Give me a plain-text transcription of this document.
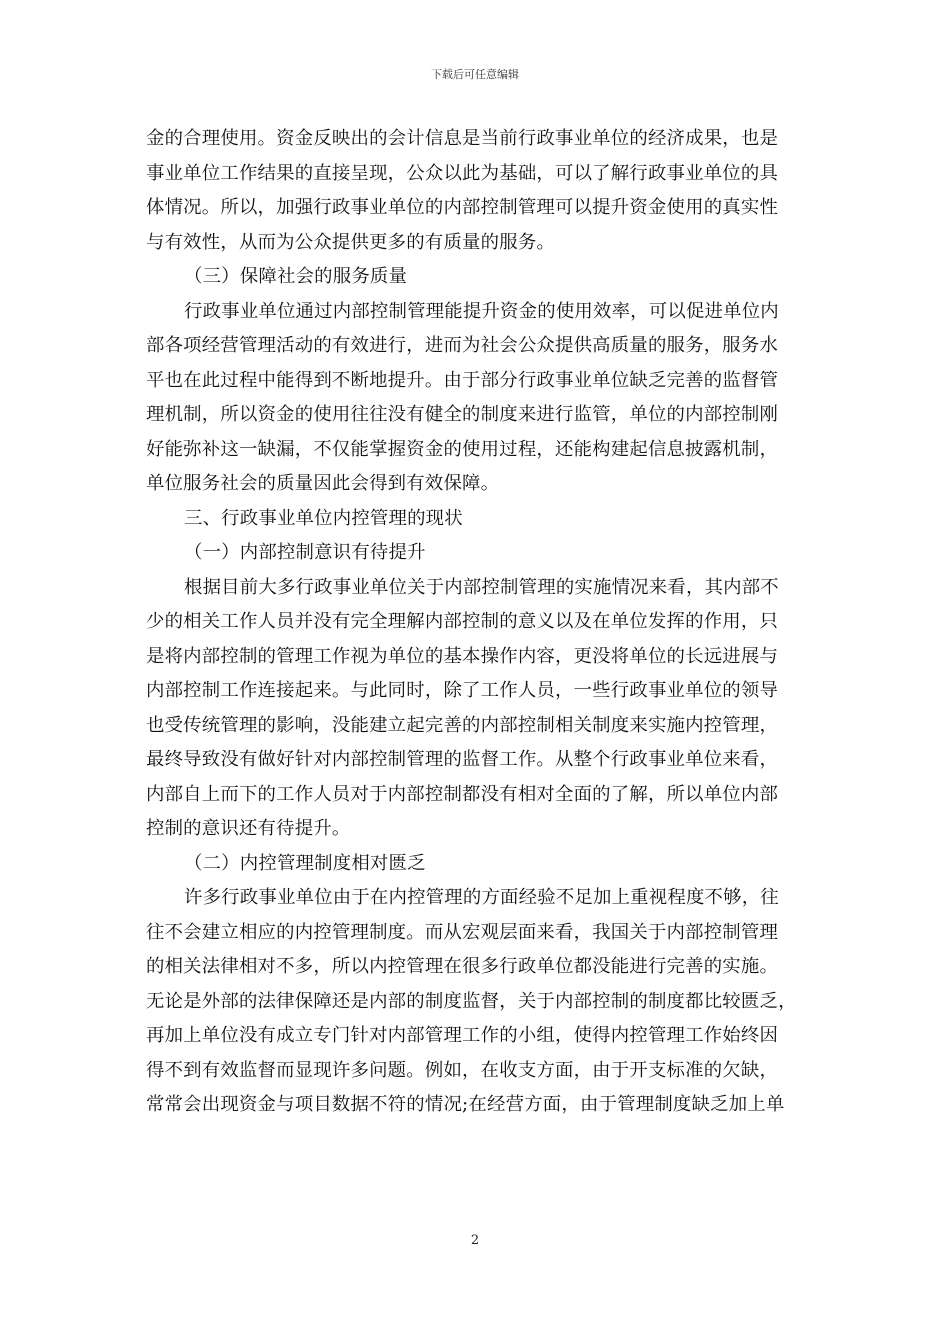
下载后可任意编辑
金的合理使用。资金反映出的会计信息是当前行政事业单位的经济成果，也是
事业单位工作结果的直接呈现，公众以此为基础，可以了解行政事业单位的具
体情况。所以，加强行政事业单位的内部控制管理可以提升资金使用的真实性
与有效性，从而为公众提供更多的有质量的服务。
（三）保障社会的服务质量
行政事业单位通过内部控制管理能提升资金的使用效率，可以促进单位内
部各项经营管理活动的有效进行，进而为社会公众提供高质量的服务，服务水
平也在此过程中能得到不断地提升。由于部分行政事业单位缺乏完善的监督管
理机制，所以资金的使用往往没有健全的制度来进行监管，单位的内部控制刚
好能弥补这一缺漏，不仅能掌握资金的使用过程，还能构建起信息披露机制，
单位服务社会的质量因此会得到有效保障。
三、行政事业单位内控管理的现状
（一）内部控制意识有待提升
根据目前大多行政事业单位关于内部控制管理的实施情况来看，其内部不
少的相关工作人员并没有完全理解内部控制的意义以及在单位发挥的作用，只
是将内部控制的管理工作视为单位的基本操作内容，更没将单位的长远进展与
内部控制工作连接起来。与此同时，除了工作人员，一些行政事业单位的领导
也受传统管理的影响，没能建立起完善的内部控制相关制度来实施内控管理，
最终导致没有做好针对内部控制管理的监督工作。从整个行政事业单位来看，
内部自上而下的工作人员对于内部控制都没有相对全面的了解，所以单位内部
控制的意识还有待提升。
（二）内控管理制度相对匮乏
许多行政事业单位由于在内控管理的方面经验不足加上重视程度不够，往
往不会建立相应的内控管理制度。而从宏观层面来看，我国关于内部控制管理
的相关法律相对不多，所以内控管理在很多行政单位都没能进行完善的实施。
无论是外部的法律保障还是内部的制度监督，关于内部控制的制度都比较匮乏，
再加上单位没有成立专门针对内部管理工作的小组，使得内控管理工作始终因
得不到有效监督而显现许多问题。例如，在收支方面，由于开支标准的欠缺，
常常会出现资金与项目数据不符的情况;在经营方面，由于管理制度缺乏加上单
2
